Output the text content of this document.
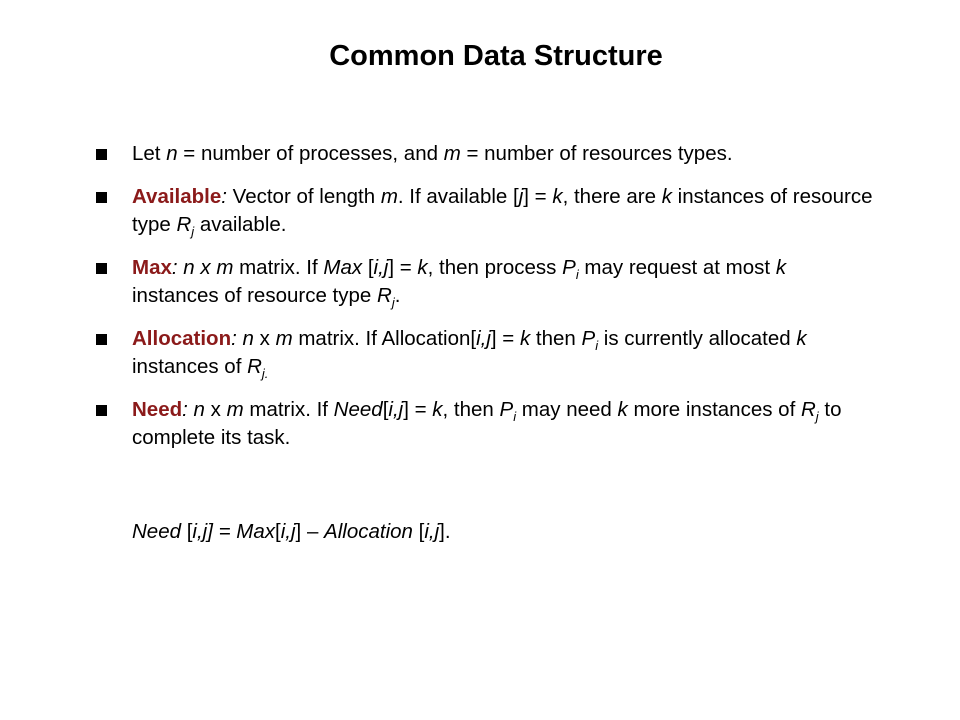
Common Data Structure
Let n = number of processes, and m = number of resources types.
Available: Vector of length m. If available [j] = k, there are k instances of resource type $R_j$ available.
Max: n x m matrix. If Max [i,j] = k, then process $P_i$ may request at most k instances of resource type $R_j$.
Allocation: n x m matrix. If Allocation[i,j] = k then $P_i$ is currently allocated k instances of $R_{j.}$
Need: n x m matrix. If Need[i,j] = k, then $P_i$ may need k more instances of $R_j$ to complete its task.
Need [i,j] = Max[i,j] – Allocation [i,j].
